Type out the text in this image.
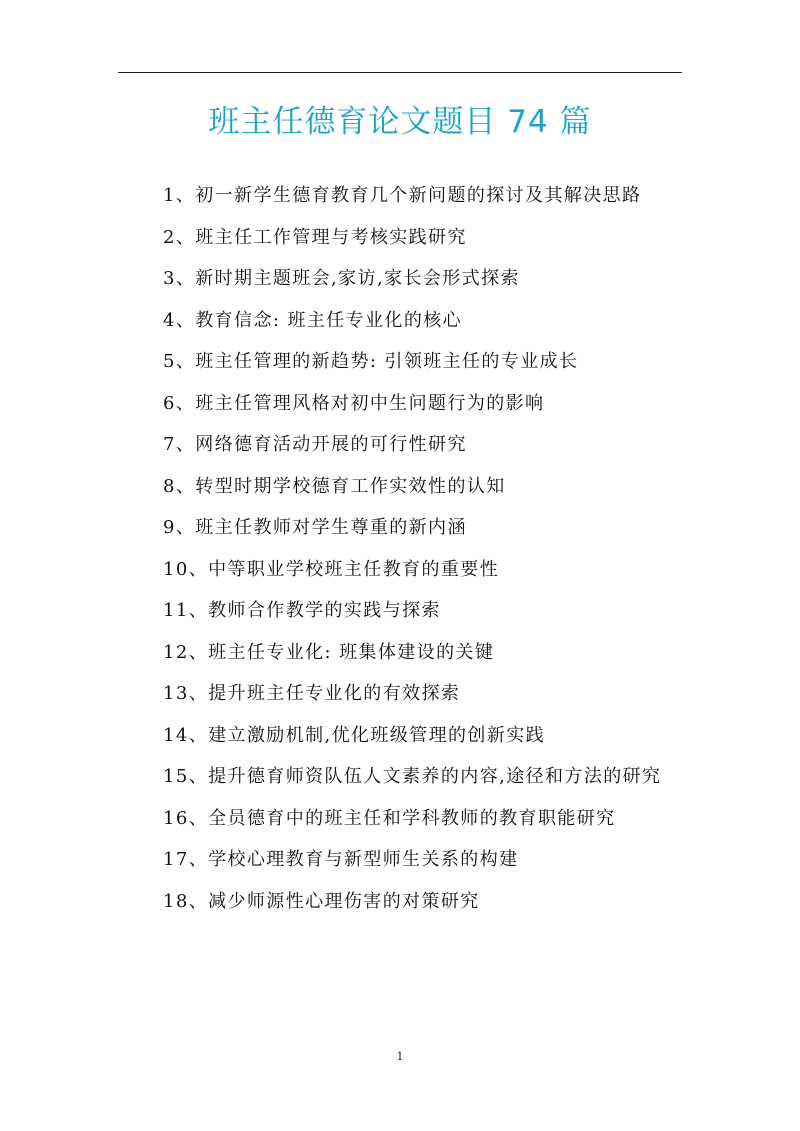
班主任德育论文题目 74 篇
1、初一新学生德育教育几个新问题的探讨及其解决思路
2、班主任工作管理与考核实践研究
3、新时期主题班会,家访,家长会形式探索
4、教育信念: 班主任专业化的核心
5、班主任管理的新趋势: 引领班主任的专业成长
6、班主任管理风格对初中生问题行为的影响
7、网络德育活动开展的可行性研究
8、转型时期学校德育工作实效性的认知
9、班主任教师对学生尊重的新内涵
10、中等职业学校班主任教育的重要性
11、教师合作教学的实践与探索
12、班主任专业化: 班集体建设的关键
13、提升班主任专业化的有效探索
14、建立激励机制,优化班级管理的创新实践
15、提升德育师资队伍人文素养的内容,途径和方法的研究
16、全员德育中的班主任和学科教师的教育职能研究
17、学校心理教育与新型师生关系的构建
18、减少师源性心理伤害的对策研究
1
